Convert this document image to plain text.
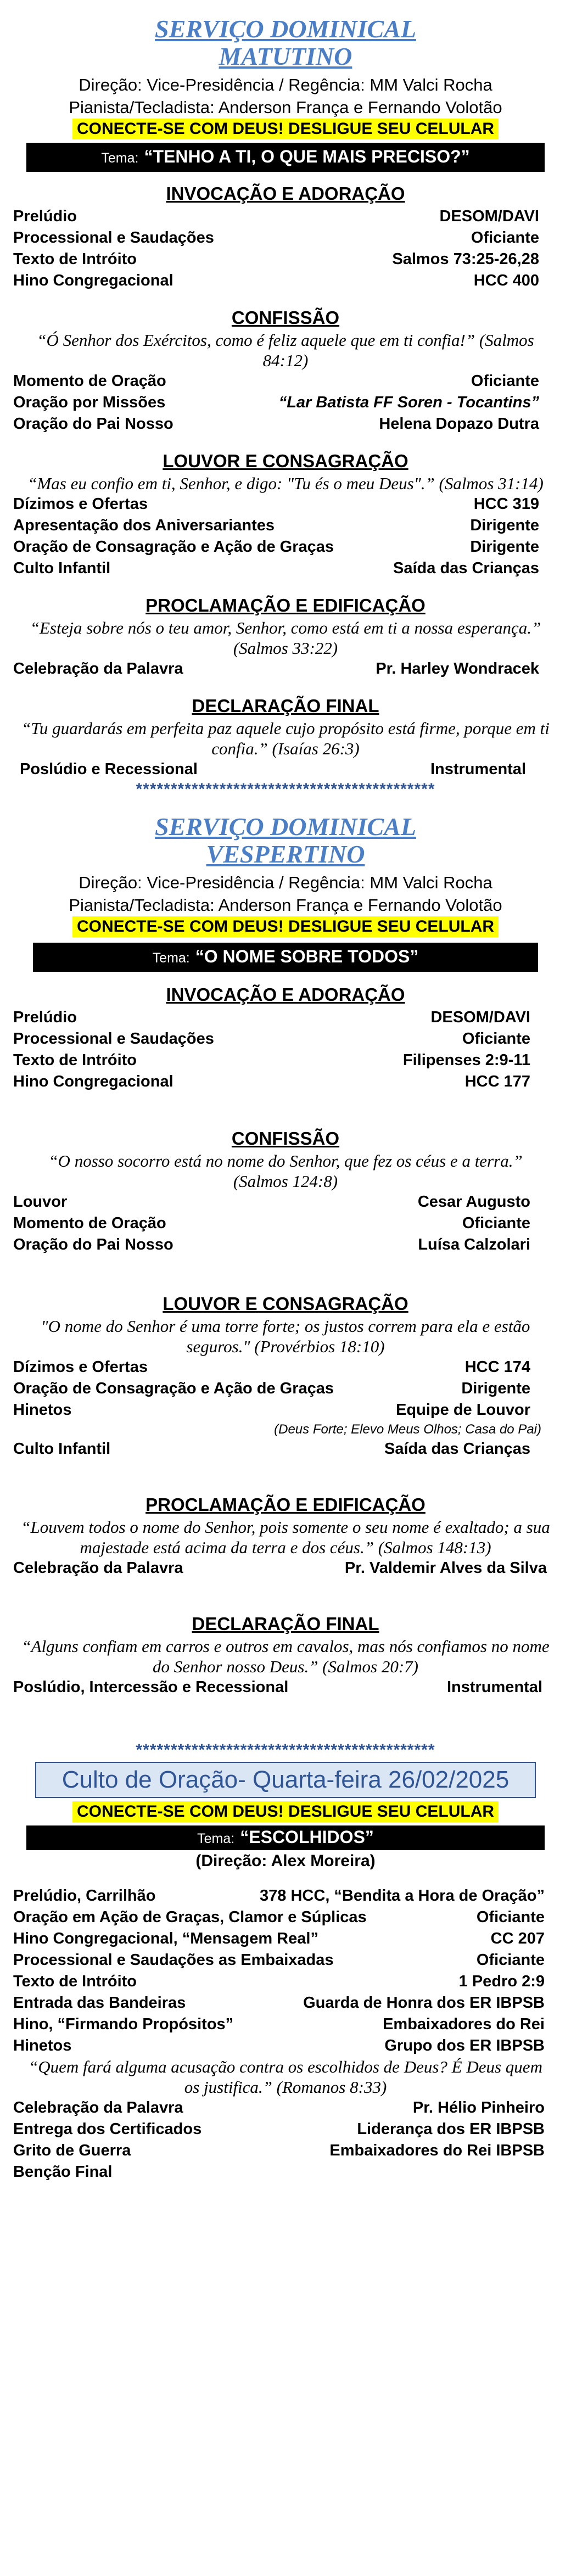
SERVIÇO DOMINICAL
MATUTINO
Direção: Vice-Presidência / Regência: MM Valci Rocha
Pianista/Tecladista: Anderson França e Fernando Volotão
CONECTE-SE COM DEUS! DESLIGUE SEU CELULAR
Tema: “TENHO A TI, O QUE MAIS PRECISO?”
INVOCAÇÃO E ADORAÇÃO
Prelúdio	DESOM/DAVI
Processional e Saudações	Oficiante
Texto de Intróito	Salmos 73:25-26,28
Hino Congregacional	HCC 400
CONFISSÃO
“Ó Senhor dos Exércitos, como é feliz aquele que em ti confia!” (Salmos 84:12)
Momento de Oração	Oficiante
Oração por Missões	“Lar Batista FF Soren - Tocantins”
Oração do Pai Nosso	Helena Dopazo Dutra
LOUVOR E CONSAGRAÇÃO
“Mas eu confio em ti, Senhor, e digo: "Tu és o meu Deus".” (Salmos 31:14)
Dízimos e Ofertas	HCC 319
Apresentação dos Aniversariantes	Dirigente
Oração de Consagração e Ação de Graças	Dirigente
Culto Infantil	Saída das Crianças
PROCLAMAÇÃO E EDIFICAÇÃO
“Esteja sobre nós o teu amor, Senhor, como está em ti a nossa esperança.” (Salmos 33:22)
Celebração da Palavra	Pr. Harley Wondracek
DECLARAÇÃO FINAL
“Tu guardarás em perfeita paz aquele cujo propósito está firme, porque em ti confia.” (Isaías 26:3)
Poslúdio e Recessional	Instrumental
*******************************************
SERVIÇO DOMINICAL
VESPERTINO
Direção: Vice-Presidência / Regência: MM Valci Rocha
Pianista/Tecladista: Anderson França e Fernando Volotão
CONECTE-SE COM DEUS! DESLIGUE SEU CELULAR
Tema: “O NOME SOBRE TODOS”
INVOCAÇÃO E ADORAÇÃO
Prelúdio	DESOM/DAVI
Processional e Saudações	Oficiante
Texto de Intróito	Filipenses 2:9-11
Hino Congregacional	HCC 177
CONFISSÃO
“O nosso socorro está no nome do Senhor, que fez os céus e a terra.” (Salmos 124:8)
Louvor	Cesar Augusto
Momento de Oração	Oficiante
Oração do Pai Nosso	Luísa Calzolari
LOUVOR E CONSAGRAÇÃO
"O nome do Senhor é uma torre forte; os justos correm para ela e estão seguros." (Provérbios 18:10)
Dízimos e Ofertas	HCC 174
Oração de Consagração e Ação de Graças	Dirigente
Hinetos	Equipe de Louvor
(Deus Forte; Elevo Meus Olhos; Casa do Pai)
Culto Infantil	Saída das Crianças
PROCLAMAÇÃO E EDIFICAÇÃO
“Louvem todos o nome do Senhor, pois somente o seu nome é exaltado; a sua majestade está acima da terra e dos céus.” (Salmos 148:13)
Celebração da Palavra	Pr. Valdemir Alves da Silva
DECLARAÇÃO FINAL
“Alguns confiam em carros e outros em cavalos, mas nós confiamos no nome do Senhor nosso Deus.” (Salmos 20:7)
Poslúdio, Intercessão e Recessional	Instrumental
*******************************************
Culto de Oração- Quarta-feira 26/02/2025
CONECTE-SE COM DEUS! DESLIGUE SEU CELULAR
Tema: “ESCOLHIDOS”
(Direção: Alex Moreira)
Prelúdio, Carrilhão	378 HCC, “Bendita a Hora de Oração”
Oração em Ação de Graças, Clamor e Súplicas	Oficiante
Hino Congregacional, “Mensagem Real”	CC 207
Processional e Saudações as Embaixadas	Oficiante
Texto de Intróito	1 Pedro 2:9
Entrada das Bandeiras	Guarda de Honra dos ER IBPSB
Hino, “Firmando Propósitos”	Embaixadores do Rei
Hinetos	Grupo dos ER IBPSB
“Quem fará alguma acusação contra os escolhidos de Deus? É Deus quem os justifica.” (Romanos 8:33)
Celebração da Palavra	Pr. Hélio Pinheiro
Entrega dos Certificados	Liderança dos ER IBPSB
Grito de Guerra	Embaixadores do Rei IBPSB
Benção Final
